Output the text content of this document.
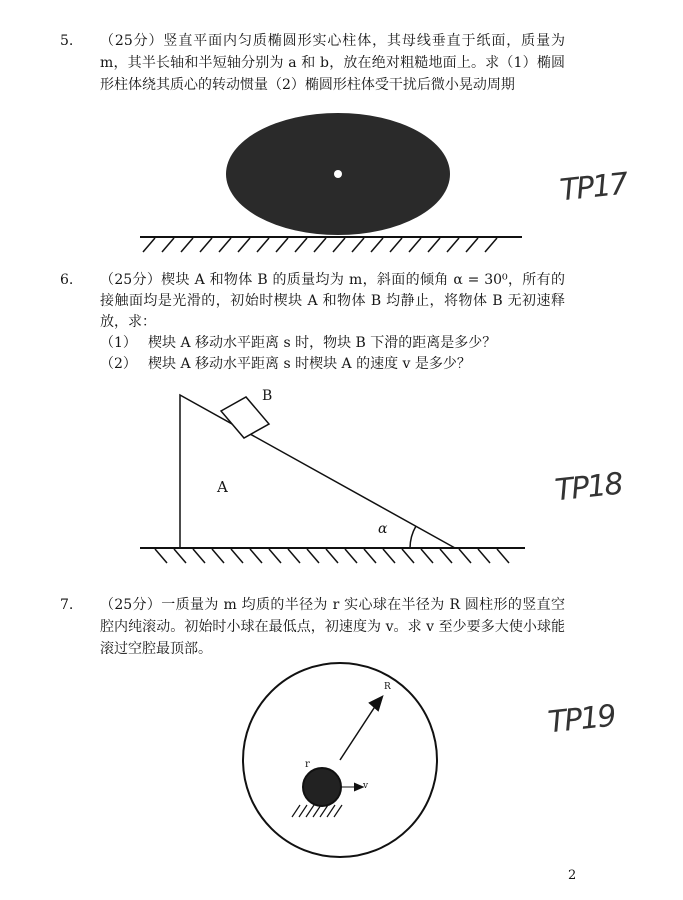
5. （25分）竖直平面内匀质椭圆形实心柱体，其母线垂直于纸面，质量为 m，其半长轴和半短轴分别为 a 和 b，放在绝对粗糙地面上。求（1）椭圆形柱体绕其质心的转动惯量（2）椭圆形柱体受干扰后微小晃动周期
6. （25分）楔块 A 和物体 B 的质量均为 m，斜面的倾角 α = 30⁰，所有的接触面均是光滑的，初始时楔块 A 和物体 B 均静止，将物体 B 无初速释放，求：
（1） 楔块 A 移动水平距离 s 时，物块 B 下滑的距离是多少？
（2） 楔块 A 移动水平距离 s 时楔块 A 的速度 v 是多少？
7. （25分）一质量为 m 均质的半径为 r 实心球在半径为 R 圆柱形的竖直空腔内纯滚动。初始时小球在最低点，初速度为 v。求 v 至少要多大使小球能滚过空腔最顶部。
B
A
α
R
r
v
TP17
TP18
TP19
2
